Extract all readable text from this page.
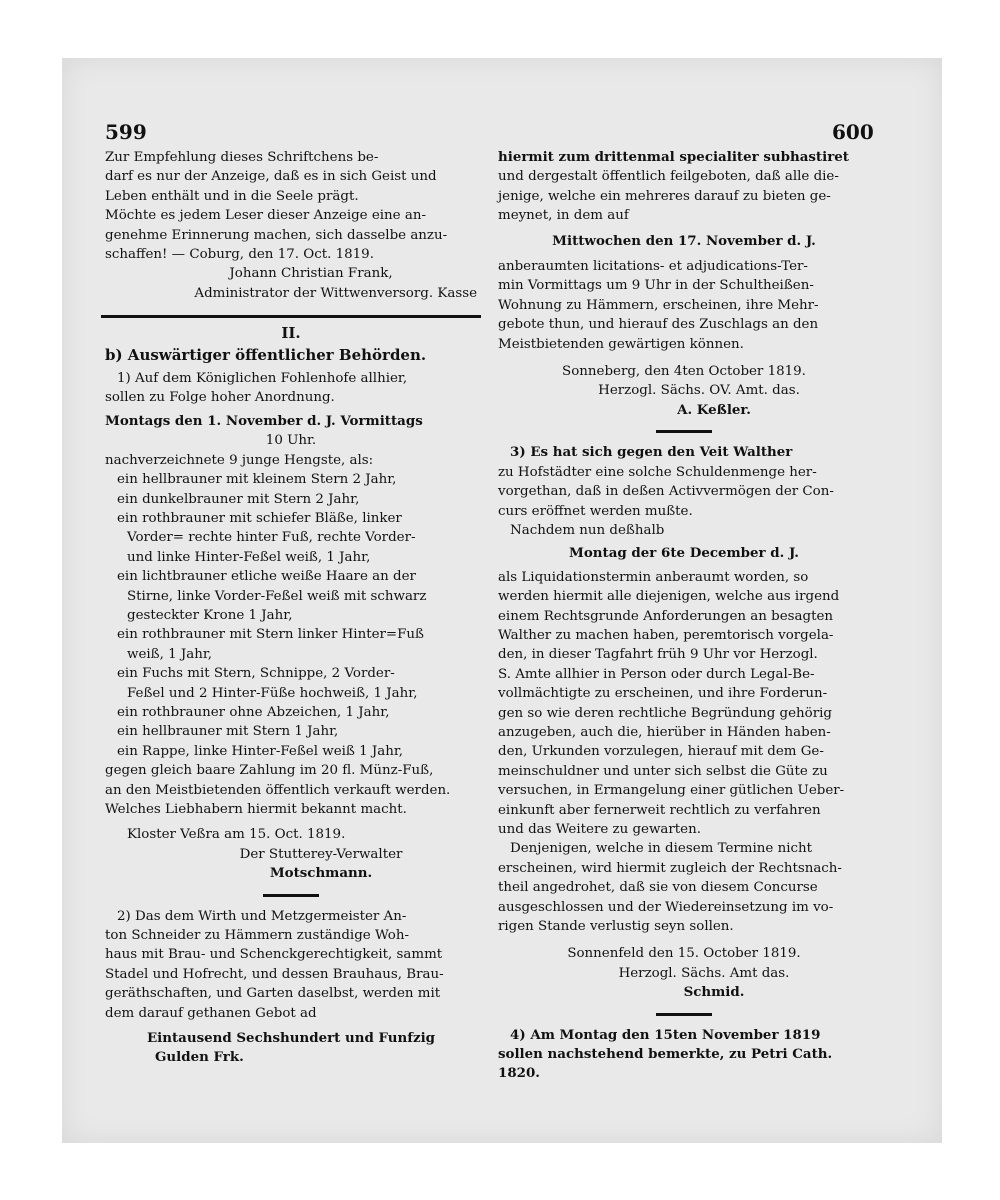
599	600

Zur Empfehlung dieses Schriftchens be-

darf es nur der Anzeige, daß es in sich Geist und

Leben enthält und in die Seele prägt.

Möchte es jedem Leser dieser Anzeige eine an-

genehme Erinnerung machen, sich dasselbe anzu-

schaffen! — Coburg, den 17. Oct. 1819.

Johann Christian Frank,

Administrator der Wittwenversorg. Kasse

II.

b) Auswärtiger öffentlicher Behörden.

1) Auf dem Königlichen Fohlenhofe allhier,

sollen zu Folge hoher Anordnung.

Montags den 1. November d. J. Vormittags

10 Uhr.

nachverzeichnete 9 junge Hengste, als:

ein hellbrauner mit kleinem Stern 2 Jahr,

ein dunkelbrauner mit Stern 2 Jahr,

ein rothbrauner mit schiefer Bläße, linker

Vorder= rechte hinter Fuß, rechte Vorder-

und linke Hinter-Feßel weiß, 1 Jahr,

ein lichtbrauner etliche weiße Haare an der

Stirne, linke Vorder-Feßel weiß mit schwarz

gesteckter Krone 1 Jahr,

ein rothbrauner mit Stern linker Hinter=Fuß

weiß, 1 Jahr,

ein Fuchs mit Stern, Schnippe, 2 Vorder-

Feßel und 2 Hinter-Füße hochweiß, 1 Jahr,

ein rothbrauner ohne Abzeichen, 1 Jahr,

ein hellbrauner mit Stern 1 Jahr,

ein Rappe, linke Hinter-Feßel weiß 1 Jahr,

gegen gleich baare Zahlung im 20 fl. Münz-Fuß,

an den Meistbietenden öffentlich verkauft werden.

Welches Liebhabern hiermit bekannt macht.

Kloster Veßra am 15. Oct. 1819.

Der Stutterey-Verwalter

Motschmann.

2) Das dem Wirth und Metzgermeister An-

ton Schneider zu Hämmern zuständige Woh-

haus mit Brau- und Schenckgerechtigkeit, sammt

Stadel und Hofrecht, und dessen Brauhaus, Brau-

geräthschaften, und Garten daselbst, werden mit

dem darauf gethanen Gebot ad

Eintausend Sechshundert und Funfzig

Gulden Frk.

hiermit zum drittenmal specialiter subhastiret

und dergestalt öffentlich feilgeboten, daß alle die-

jenige, welche ein mehreres darauf zu bieten ge-

meynet, in dem auf

Mittwochen den 17. November d. J.

anberaumten licitations- et adjudications-Ter-

min Vormittags um 9 Uhr in der Schultheißen-

Wohnung zu Hämmern, erscheinen, ihre Mehr-

gebote thun, und hierauf des Zuschlags an den

Meistbietenden gewärtigen können.

Sonneberg, den 4ten October 1819.

Herzogl. Sächs. OV. Amt. das.

A. Keßler.

3) Es hat sich gegen den Veit Walther

zu Hofstädter eine solche Schuldenmenge her-

vorgethan, daß in deßen Activvermögen der Con-

curs eröffnet werden mußte.

Nachdem nun deßhalb

Montag der 6te December d. J.

als Liquidationstermin anberaumt worden, so

werden hiermit alle diejenigen, welche aus irgend

einem Rechtsgrunde Anforderungen an besagten

Walther zu machen haben, peremtorisch vorgela-

den, in dieser Tagfahrt früh 9 Uhr vor Herzogl.

S. Amte allhier in Person oder durch Legal-Be-

vollmächtigte zu erscheinen, und ihre Forderun-

gen so wie deren rechtliche Begründung gehörig

anzugeben, auch die, hierüber in Händen haben-

den, Urkunden vorzulegen, hierauf mit dem Ge-

meinschuldner und unter sich selbst die Güte zu

versuchen, in Ermangelung einer gütlichen Ueber-

einkunft aber fernerweit rechtlich zu verfahren

und das Weitere zu gewarten.

Denjenigen, welche in diesem Termine nicht

erscheinen, wird hiermit zugleich der Rechtsnach-

theil angedrohet, daß sie von diesem Concurse

ausgeschlossen und der Wiedereinsetzung im vo-

rigen Stande verlustig seyn sollen.

Sonnenfeld den 15. October 1819.

Herzogl. Sächs. Amt das.

Schmid.

4) Am Montag den 15ten November 1819

sollen nachstehend bemerkte, zu Petri Cath. 1820.
